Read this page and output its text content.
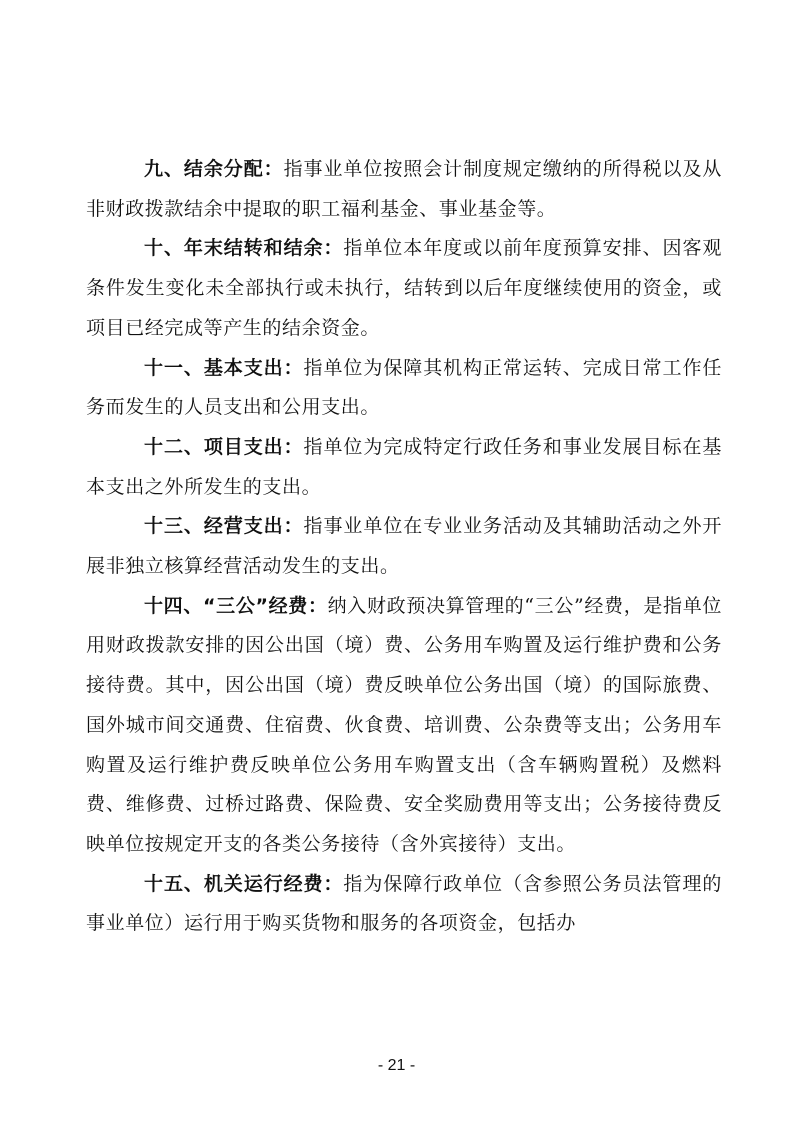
九、结余分配：指事业单位按照会计制度规定缴纳的所得税以及从非财政拨款结余中提取的职工福利基金、事业基金等。

十、年末结转和结余：指单位本年度或以前年度预算安排、因客观条件发生变化未全部执行或未执行，结转到以后年度继续使用的资金，或项目已经完成等产生的结余资金。

十一、基本支出：指单位为保障其机构正常运转、完成日常工作任务而发生的人员支出和公用支出。

十二、项目支出：指单位为完成特定行政任务和事业发展目标在基本支出之外所发生的支出。

十三、经营支出：指事业单位在专业业务活动及其辅助活动之外开展非独立核算经营活动发生的支出。

十四、“三公”经费：纳入财政预决算管理的“三公”经费，是指单位用财政拨款安排的因公出国（境）费、公务用车购置及运行维护费和公务接待费。其中，因公出国（境）费反映单位公务出国（境）的国际旅费、国外城市间交通费、住宿费、伙食费、培训费、公杂费等支出；公务用车购置及运行维护费反映单位公务用车购置支出（含车辆购置税）及燃料费、维修费、过桥过路费、保险费、安全奖励费用等支出；公务接待费反映单位按规定开支的各类公务接待（含外宾接待）支出。

十五、机关运行经费：指为保障行政单位（含参照公务员法管理的事业单位）运行用于购买货物和服务的各项资金，包括办

- 21 -
